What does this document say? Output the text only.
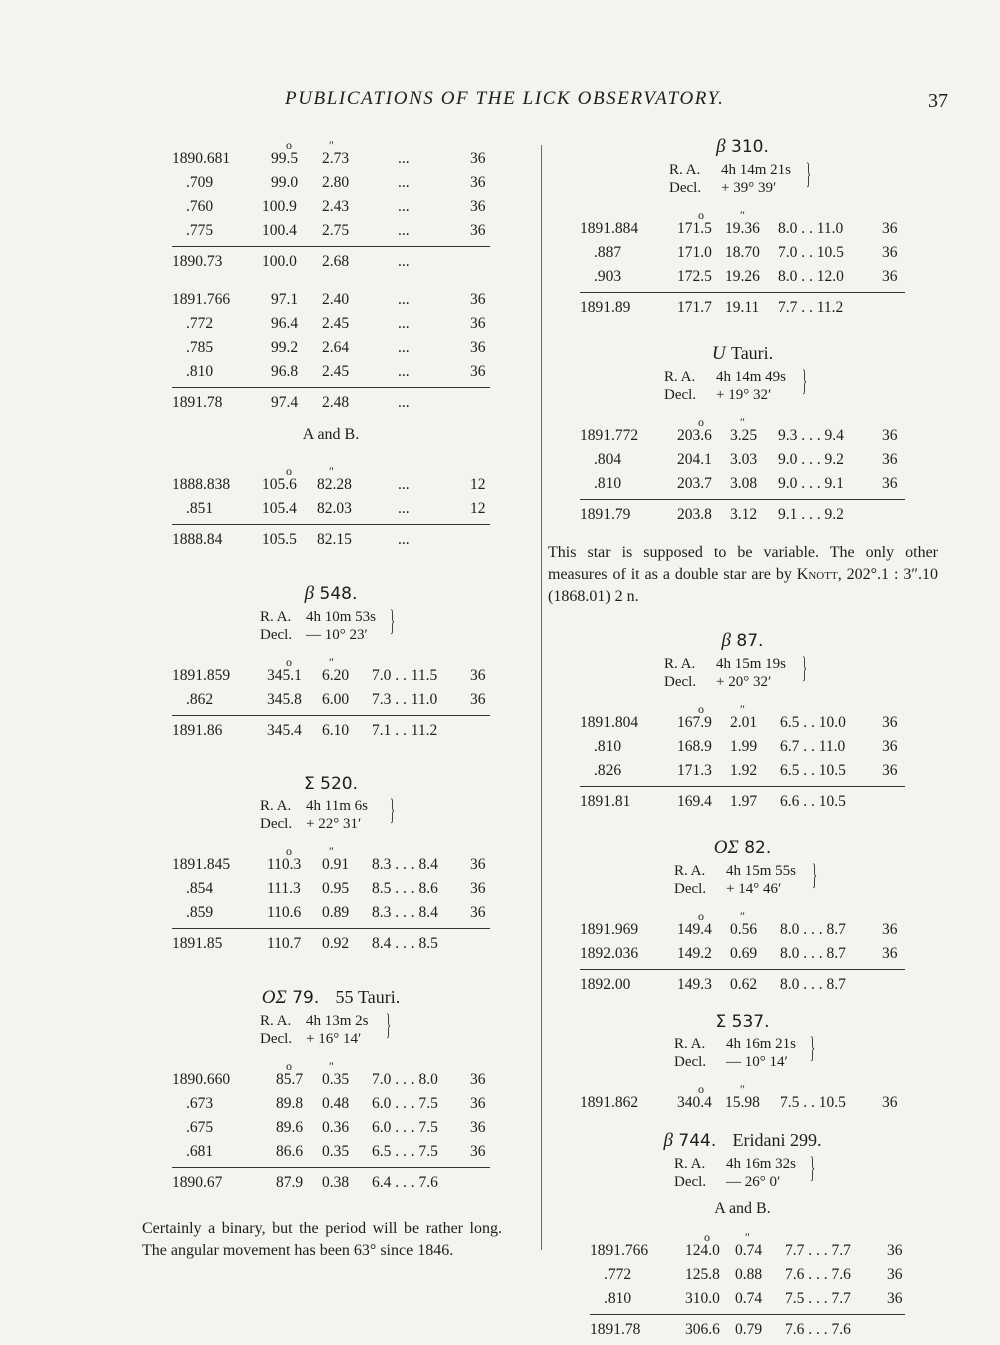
PUBLICATIONS OF THE LICK OBSERVATORY.	37
o	″
1890.681	99.5 2.73	...	36
.709	99.0 2.80	...	36
.760	100.9 2.43	...	36
.775	100.4 2.75	...	36
1890.73	100.0 2.68	...
1891.766	97.1 2.40	...	36
.772	96.4 2.45	...	36
.785	99.2 2.64	...	36
.810	96.8 2.45	...	36
1891.78	97.4 2.48	...
A and B.
o	″
1888.838 105.6 82.28	...	12
.851	105.4 82.03	...	12
1888.84	105.5 82.15	...
β 548.
R. A. 4h 10m 53s
Decl. — 10° 23′ }
o	″
1891.859 345.1 6.20 7.0 . . 11.5 36
.862	345.8 6.00 7.3 . . 11.0 36
1891.86	345.4 6.10 7.1 . . 11.2
Σ 520.
R. A. 4h 11m 6s
Decl. + 22° 31′ }
o	″
1891.845 110.3 0.91 8.3 . . . 8.4 36
.854	111.3 0.95 8.5 . . . 8.6 36
.859	110.6 0.89 8.3 . . . 8.4 36
1891.85	110.7 0.92 8.4 . . . 8.5
OΣ 79. 55 Tauri.
R. A. 4h 13m 2s
Decl. + 16° 14′ }
o	″
1890.660	85.7 0.35 7.0 . . . 8.0 36
.673	89.8 0.48 6.0 . . . 7.5 36
.675	89.6 0.36 6.0 . . . 7.5 36
.681	86.6 0.35 6.5 . . . 7.5 36
1890.67	87.9 0.38 6.4 . . . 7.6
Certainly a binary, but the period will be rather long. The angular movement has been 63° since 1846.
β 310.
R. A. 4h 14m 21s
Decl. + 39° 39′ }
o	″
1891.884	171.5 19.36 8.0 . . 11.0 36
.887	171.0 18.70 7.0 . . 10.5 36
.903	172.5 19.26 8.0 . . 12.0 36
1891.89	171.7 19.11 7.7 . . 11.2
U Tauri.
R. A. 4h 14m 49s
Decl. + 19° 32′ }
o	″
1891.772	203.6 3.25 9.3 . . . 9.4 36
.804	204.1 3.03 9.0 . . . 9.2 36
.810	203.7 3.08 9.0 . . . 9.1 36
1891.79	203.8 3.12 9.1 . . . 9.2
This star is supposed to be variable. The only other measures of it as a double star are by Knott, 202°.1 : 3″.10 (1868.01) 2 n.
β 87.
R. A. 4h 15m 19s
Decl. + 20° 32′ }
o	″
1891.804	167.9 2.01 6.5 . . 10.0 36
.810	168.9 1.99 6.7 . . 11.0 36
.826	171.3 1.92 6.5 . . 10.5 36
1891.81	169.4 1.97 6.6 . . 10.5
OΣ 82.
R. A. 4h 15m 55s
Decl. + 14° 46′ }
o	″
1891.969	149.4 0.56 8.0 . . . 8.7 36
1892.036	149.2 0.69 8.0 . . . 8.7 36
1892.00	149.3 0.62 8.0 . . . 8.7
Σ 537.
R. A. 4h 16m 21s
Decl. — 10° 14′ }
o	″
1891.862	340.4 15.98 7.5 . . 10.5 36
β 744. Eridani 299.
R. A. 4h 16m 32s
Decl. — 26° 0′ }
A and B.
o	″
1891.766 124.0 0.74 7.7 . . . 7.7 36
.772	125.8 0.88 7.6 . . . 7.6 36
.810	310.0 0.74 7.5 . . . 7.7 36
1891.78	306.6 0.79 7.6 . . . 7.6
